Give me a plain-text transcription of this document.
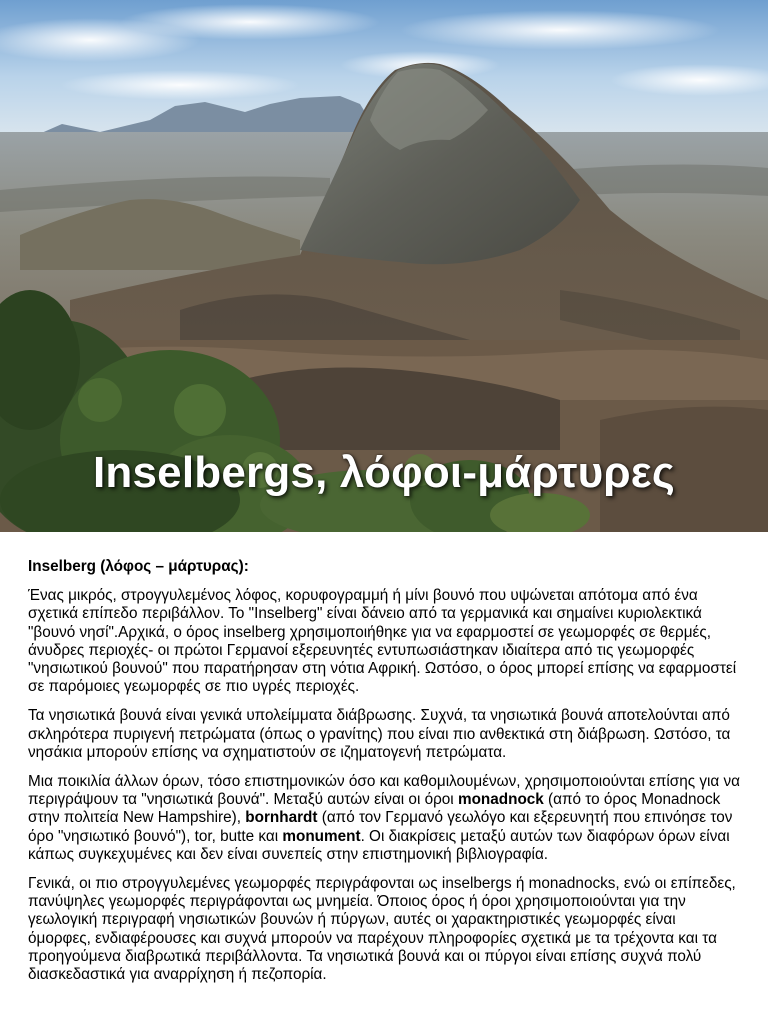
Inselbergs, λόφοι-μάρτυρες
Inselberg (λόφος – μάρτυρας):

Ένας μικρός, στρογγυλεμένος λόφος, κορυφογραμμή ή μίνι βουνό που υψώνεται απότομα από ένα σχετικά επίπεδο περιβάλλον. Το "Inselberg" είναι δάνειο από τα γερμανικά και σημαίνει κυριολεκτικά "βουνό νησί".Αρχικά, ο όρος inselberg χρησιμοποιήθηκε για να εφαρμοστεί σε γεωμορφές σε θερμές, άνυδρες περιοχές- οι πρώτοι Γερμανοί εξερευνητές εντυπωσιάστηκαν ιδιαίτερα από τις γεωμορφές "νησιωτικού βουνού" που παρατήρησαν στη νότια Αφρική. Ωστόσο, ο όρος μπορεί επίσης να εφαρμοστεί σε παρόμοιες γεωμορφές σε πιο υγρές περιοχές.

Τα νησιωτικά βουνά είναι γενικά υπολείμματα διάβρωσης. Συχνά, τα νησιωτικά βουνά αποτελούνται από σκληρότερα πυριγενή πετρώματα (όπως ο γρανίτης) που είναι πιο ανθεκτικά στη διάβρωση. Ωστόσο, τα νησάκια μπορούν επίσης να σχηματιστούν σε ιζηματογενή πετρώματα.

Μια ποικιλία άλλων όρων, τόσο επιστημονικών όσο και καθομιλουμένων, χρησιμοποιούνται επίσης για να περιγράψουν τα "νησιωτικά βουνά". Μεταξύ αυτών είναι οι όροι monadnock (από το όρος Monadnock στην πολιτεία New Hampshire), bornhardt (από τον Γερμανό γεωλόγο και εξερευνητή που επινόησε τον όρο "νησιωτικό βουνό"), tor, butte και monument. Οι διακρίσεις μεταξύ αυτών των διαφόρων όρων είναι κάπως συγκεχυμένες και δεν είναι συνεπείς στην επιστημονική βιβλιογραφία.

Γενικά, οι πιο στρογγυλεμένες γεωμορφές περιγράφονται ως inselbergs ή monadnocks, ενώ οι επίπεδες, πανύψηλες γεωμορφές περιγράφονται ως μνημεία. Όποιος όρος ή όροι χρησιμοποιούνται για την γεωλογική περιγραφή νησιωτικών βουνών ή πύργων, αυτές οι χαρακτηριστικές γεωμορφές είναι όμορφες, ενδιαφέρουσες και συχνά μπορούν να παρέχουν πληροφορίες σχετικά με τα τρέχοντα και τα προηγούμενα διαβρωτικά περιβάλλοντα. Τα νησιωτικά βουνά και οι πύργοι είναι επίσης συχνά πολύ διασκεδαστικά για αναρρίχηση ή πεζοπορία.
